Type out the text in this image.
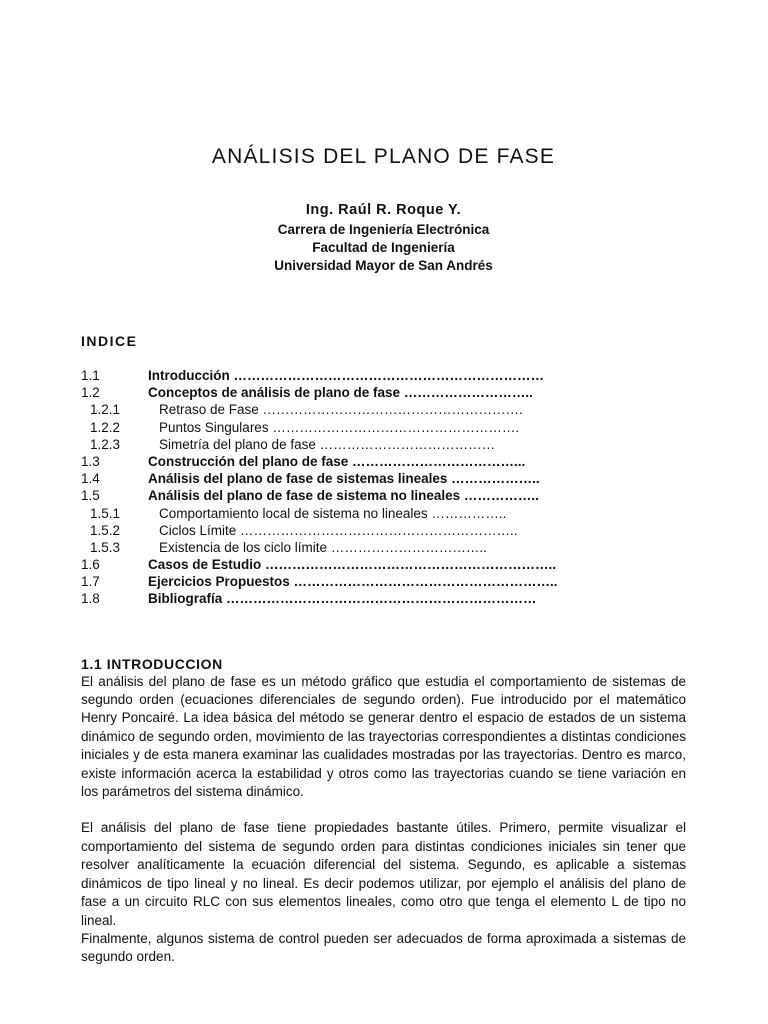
ANÁLISIS DEL PLANO DE FASE
Ing. Raúl R. Roque Y.
Carrera de Ingeniería Electrónica
Facultad de Ingeniería
Universidad Mayor de San Andrés
INDICE
1.1	Introducción ……………………………………………………………
1.2	Conceptos de análisis de plano de fase ………………………..
1.2.1	Retraso de Fase ………………………………………………….
1.2.2	Puntos Singulares ……………………………………………….
1.2.3	Simetría del plano de fase …………………………………
1.3	Construcción del plano de fase ………………………………...
1.4	Análisis del plano de fase de sistemas lineales ………………..
1.5	Análisis del plano de fase de sistema no lineales ……………..
1.5.1	Comportamiento local de sistema no lineales ……………..
1.5.2	Ciclos Límite ……………………………………………………..
1.5.3	Existencia de los ciclo límite ……………………………..
1.6	Casos de Estudio ………………………………………………………..
1.7	Ejercicios Propuestos …………………………………………………..
1.8	Bibliografía ……………………………………………………………
1.1 INTRODUCCION

El análisis del plano de fase es un método gráfico que estudia el comportamiento de sistemas de segundo orden (ecuaciones diferenciales de segundo orden). Fue introducido por el matemático Henry Poncairé. La idea básica del método se generar dentro el espacio de estados de un sistema dinámico de segundo orden, movimiento de las trayectorias correspondientes a distintas condiciones iniciales y de esta manera examinar las cualidades mostradas por las trayectorias. Dentro es marco, existe información acerca la estabilidad y otros como las trayectorias cuando se tiene variación en los parámetros del sistema dinámico.

El análisis del plano de fase tiene propiedades bastante útiles. Primero, permite visualizar el comportamiento del sistema de segundo orden para distintas condiciones iniciales sin tener que resolver analíticamente la ecuación diferencial del sistema. Segundo, es aplicable a sistemas dinámicos de tipo lineal y no lineal. Es decir podemos utilizar, por ejemplo el análisis del plano de fase a un circuito RLC con sus elementos lineales, como otro que tenga el elemento L de tipo no lineal.

Finalmente, algunos sistema de control pueden ser adecuados de forma aproximada a sistemas de segundo orden.
